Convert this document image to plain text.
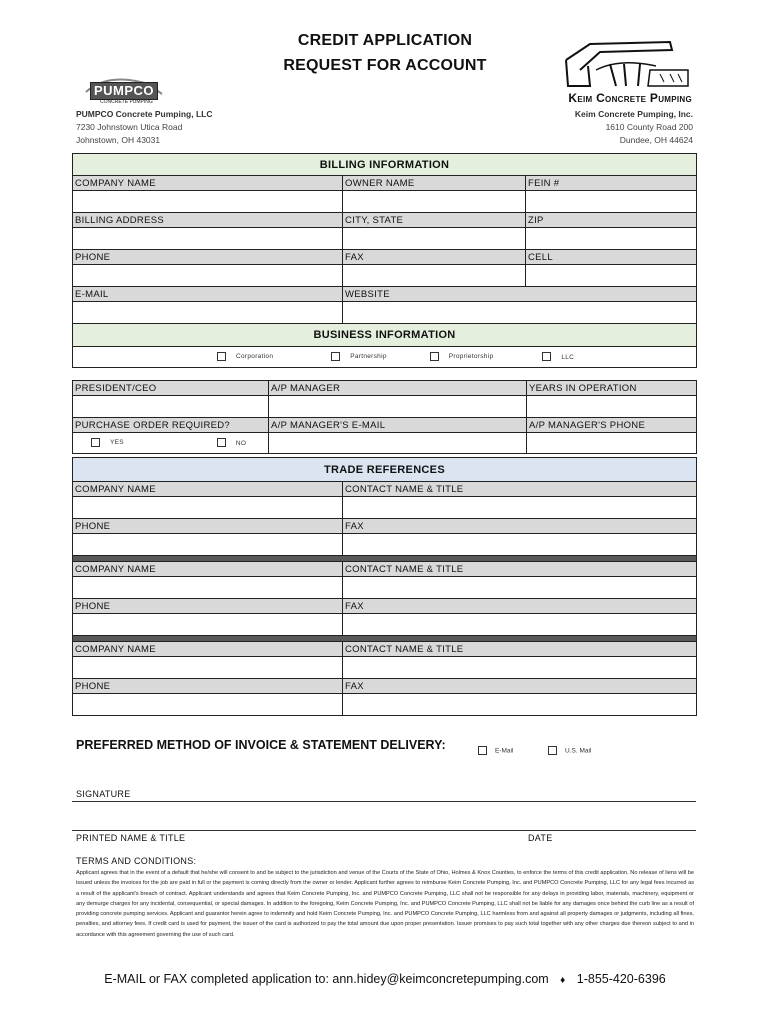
CREDIT APPLICATION
REQUEST FOR ACCOUNT
PUMPCO
CONCRETE PUMPING
PUMPCO Concrete Pumping, LLC
7230 Johnstown Utica Road
Johnstown, OH 43031
Keim Concrete Pumping
Keim Concrete Pumping, Inc.
1610 County Road 200
Dundee, OH 44624
BILLING INFORMATION		
COMPANY NAME	OWNER NAME	FEIN #

BILLING ADDRESS	CITY, STATE	ZIP

PHONE	FAX	CELL

E-MAIL	WEBSITE	

BUSINESS INFORMATION		
Corporation Partnership Proprietorship LLC		
PRESIDENT/CEO	A/P MANAGER	YEARS IN OPERATION

PURCHASE ORDER REQUIRED?	A/P MANAGER'S E-MAIL	A/P MANAGER'S PHONE
YES NO		
TRADE REFERENCES	
COMPANY NAME	CONTACT NAME & TITLE

PHONE	FAX

COMPANY NAME	CONTACT NAME & TITLE

PHONE	FAX

COMPANY NAME	CONTACT NAME & TITLE

PHONE	FAX

PREFERRED METHOD OF INVOICE & STATEMENT DELIVERY:	E-Mail	U.S. Mail
SIGNATURE
PRINTED NAME & TITLE	DATE
TERMS AND CONDITIONS:
Applicant agrees that in the event of a default that he/she will consent to and be subject to the jurisdiction and venue of the Courts of the State of Ohio, Holmes & Knox Counties, to enforce the terms of this credit application. No release of liens will be issued unless the invoices for the job are paid in full or the payment is coming directly from the owner or lender. Applicant further agrees to reimburse Keim Concrete Pumping, Inc. and PUMPCO Concrete Pumping, LLC for any legal fees incurred as a result of the applicant's breach of contract. Applicant understands and agrees that Keim Concrete Pumping, Inc. and PUMPCO Concrete Pumping, LLC shall not be responsible for any delays in providing labor, materials, machinery, equipment or any demurge charges for any incidental, consequential, or special damages. In addition to the foregoing, Keim Concrete Pumping, Inc. and PUMPCO Concrete Pumping, LLC shall not be liable for any damages once behind the curb line as a result of providing concrete pumping services. Applicant and guarantor herein agree to indemnify and hold Keim Concrete Pumping, Inc. and PUMPCO Concrete Pumping, LLC harmless from and against all property damages or judgments, including all fines, penalties, and attorney fees. If credit card is used for payment, the issuer of the card is authorized to pay the total amount due upon proper presentation. Issuer promises to pay such total together with any other charges due thereon subject to and in accordance with this agreement governing the use of such card.
E-MAIL or FAX completed application to: ann.hidey@keimconcretepumping.com ♦ 1-855-420-6396
